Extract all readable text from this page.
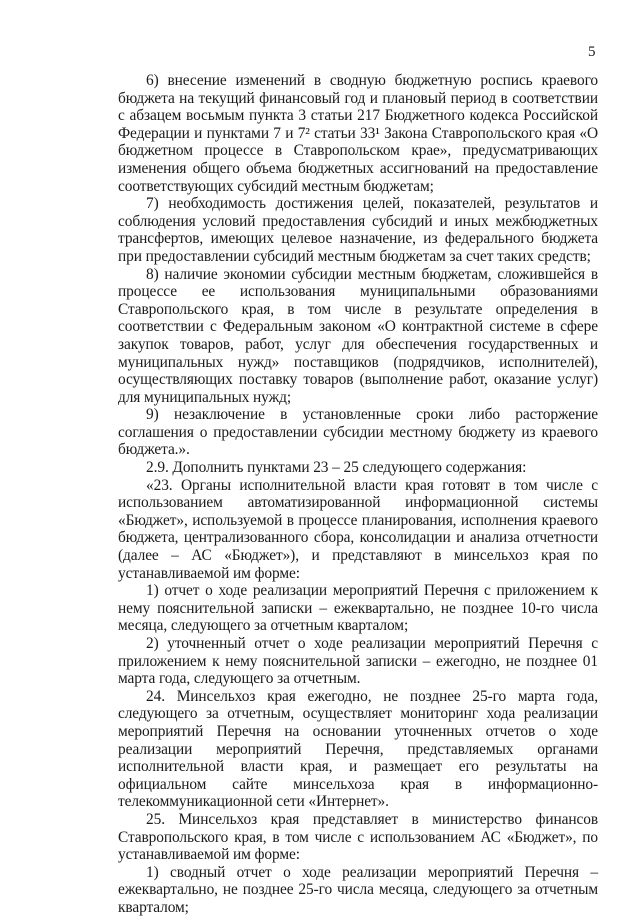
5

6) внесение изменений в сводную бюджетную роспись краевого бюджета на текущий финансовый год и плановый период в соответствии с абзацем восьмым пункта 3 статьи 217 Бюджетного кодекса Российской Федерации и пунктами 7 и 7² статьи 33¹ Закона Ставропольского края «О бюджетном процессе в Ставропольском крае», предусматривающих изменения общего объема бюджетных ассигнований на предоставление соответствующих субсидий местным бюджетам;

7) необходимость достижения целей, показателей, результатов и соблюдения условий предоставления субсидий и иных межбюджетных трансфертов, имеющих целевое назначение, из федерального бюджета при предоставлении субсидий местным бюджетам за счет таких средств;

8) наличие экономии субсидии местным бюджетам, сложившейся в процессе ее использования муниципальными образованиями Ставропольского края, в том числе в результате определения в соответствии с Федеральным законом «О контрактной системе в сфере закупок товаров, работ, услуг для обеспечения государственных и муниципальных нужд» поставщиков (подрядчиков, исполнителей), осуществляющих поставку товаров (выполнение работ, оказание услуг) для муниципальных нужд;

9) незаключение в установленные сроки либо расторжение соглашения о предоставлении субсидии местному бюджету из краевого бюджета.».

2.9. Дополнить пунктами 23 – 25 следующего содержания:

«23. Органы исполнительной власти края готовят в том числе с использованием автоматизированной информационной системы «Бюджет», используемой в процессе планирования, исполнения краевого бюджета, централизованного сбора, консолидации и анализа отчетности (далее – АС «Бюджет»), и представляют в минсельхоз края по устанавливаемой им форме:

1) отчет о ходе реализации мероприятий Перечня с приложением к нему пояснительной записки – ежеквартально, не позднее 10-го числа месяца, следующего за отчетным кварталом;

2) уточненный отчет о ходе реализации мероприятий Перечня с приложением к нему пояснительной записки – ежегодно, не позднее 01 марта года, следующего за отчетным.

24. Минсельхоз края ежегодно, не позднее 25-го марта года, следующего за отчетным, осуществляет мониторинг хода реализации мероприятий Перечня на основании уточненных отчетов о ходе реализации мероприятий Перечня, представляемых органами исполнительной власти края, и размещает его результаты на официальном сайте минсельхоза края в информационно-телекоммуникационной сети «Интернет».

25. Минсельхоз края представляет в министерство финансов Ставропольского края, в том числе с использованием АС «Бюджет», по устанавливаемой им форме:

1) сводный отчет о ходе реализации мероприятий Перечня – ежеквартально, не позднее 25-го числа месяца, следующего за отчетным кварталом;
